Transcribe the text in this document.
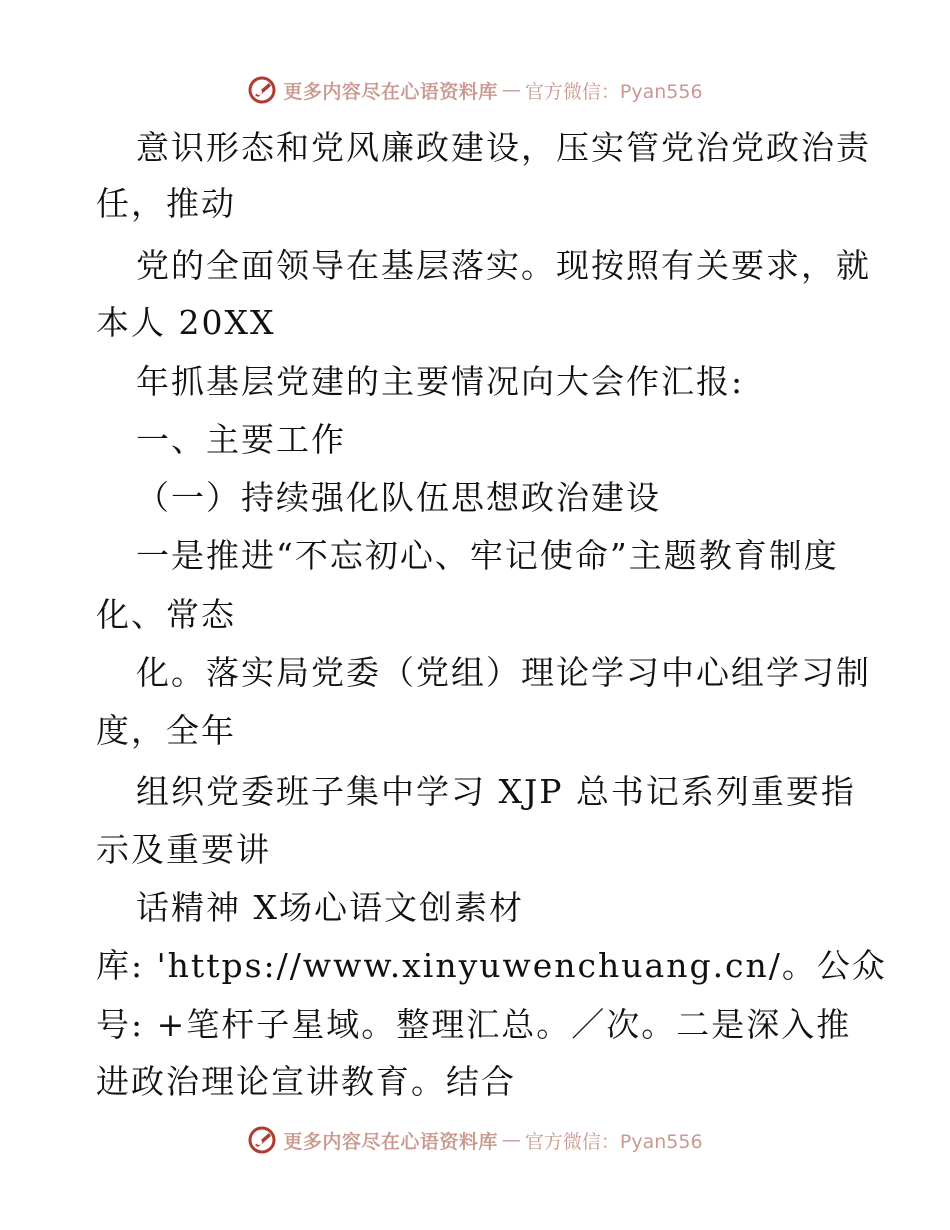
更多内容尽在心语资料库 — 官方微信：Pyan556
意识形态和党风廉政建设，压实管党治党政治责
任，推动
党的全面领导在基层落实。现按照有关要求，就
本人 20XX
年抓基层党建的主要情况向大会作汇报:
一、主要工作
（一）持续强化队伍思想政治建设
一是推进“不忘初心、牢记使命”主题教育制度
化、常态
化。落实局党委（党组）理论学习中心组学习制
度，全年
组织党委班子集中学习 XJP 总书记系列重要指
示及重要讲
话精神 X场心语文创素材
库: 'https://www.xinyuwenchuang.cn/。公众
号: +笔杆子星域。整理汇总。／次。二是深入推
进政治理论宣讲教育。结合
更多内容尽在心语资料库 — 官方微信：Pyan556
